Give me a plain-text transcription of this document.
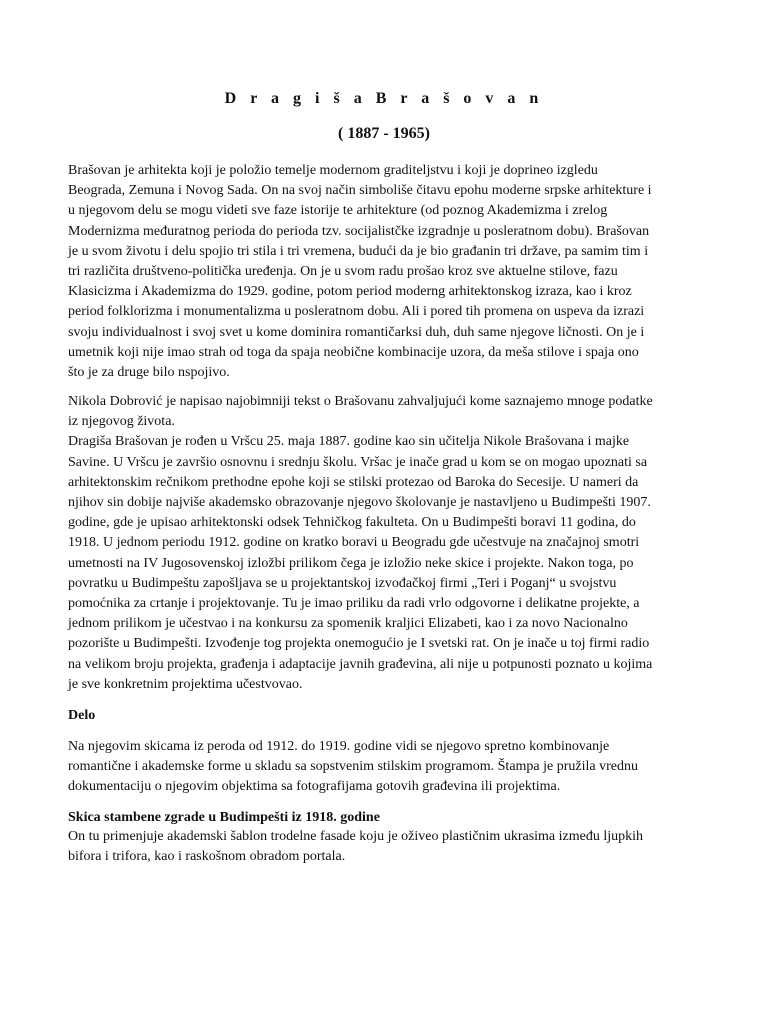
D r a g i š a B r a š o v a n
( 1887 - 1965)

Brašovan je arhitekta koji je položio temelje modernom graditeljstvu i koji je doprineo izgledu
Beograda, Zemuna i Novog Sada. On na svoj način simboliše čitavu epohu moderne srpske arhitekture i
u njegovom delu se mogu videti sve faze istorije te arhitekture (od poznog Akademizma i zrelog
Modernizma međuratnog perioda do perioda tzv. socijalistčke izgradnje u posleratnom dobu). Brašovan
je u svom životu i delu spojio tri stila i tri vremena, budući da je bio građanin tri države, pa samim tim i
tri različita društveno-politička uređenja. On je u svom radu prošao kroz sve aktuelne stilove, fazu
Klasicizma i Akademizma do 1929. godine, potom period moderng arhitektonskog izraza, kao i kroz
period folklorizma i monumentalizma u posleratnom dobu. Ali i pored tih promena on uspeva da izrazi
svoju individualnost i svoj svet u kome dominira romantičarksi duh, duh same njegove ličnosti. On je i
umetnik koji nije imao strah od toga da spaja neobične kombinacije uzora, da meša stilove i spaja ono
što je za druge bilo nspojivo.

Nikola Dobrović je napisao najobimniji tekst o Brašovanu zahvaljujući kome saznajemo mnoge podatke
iz njegovog života.
Dragiša Brašovan je rođen u Vršcu 25. maja 1887. godine kao sin učitelja Nikole Brašovana i majke
Savine. U Vršcu je završio osnovnu i srednju školu. Vršac je inače grad u kom se on mogao upoznati sa
arhitektonskim rečnikom prethodne epohe koji se stilski protezao od Baroka do Secesije. U nameri da
njihov sin dobije najviše akademsko obrazovanje njegovo školovanje je nastavljeno u Budimpešti 1907.
godine, gde je upisao arhitektonski odsek Tehničkog fakulteta. On u Budimpešti boravi 11 godina, do
1918. U jednom periodu 1912. godine on kratko boravi u Beogradu gde učestvuje na značajnoj smotri
umetnosti na IV Jugosovenskoj izložbi prilikom čega je izložio neke skice i projekte. Nakon toga, po
povratku u Budimpeštu zapošljava se u projektantskoj izvođačkoj firmi „Teri i Poganj“ u svojstvu
pomoćnika za crtanje i projektovanje. Tu je imao priliku da radi vrlo odgovorne i delikatne projekte, a
jednom prilikom je učestvao i na konkursu za spomenik kraljici Elizabeti, kao i za novo Nacionalno
pozorište u Budimpešti. Izvođenje tog projekta onemogućio je I svetski rat. On je inače u toj firmi radio
na velikom broju projekta, građenja i adaptacije javnih građevina, ali nije u potpunosti poznato u kojima
je sve konkretnim projektima učestvovao.

Delo

Na njegovim skicama iz peroda od 1912. do 1919. godine vidi se njegovo spretno kombinovanje
romantične i akademske forme u skladu sa sopstvenim stilskim programom. Štampa je pružila vrednu
dokumentaciju o njegovim objektima sa fotografijama gotovih građevina ili projektima.

Skica stambene zgrade u Budimpešti iz 1918. godine

On tu primenjuje akademski šablon trodelne fasade koju je oživeo plastičnim ukrasima između ljupkih
bifora i trifora, kao i raskošnom obradom portala.
